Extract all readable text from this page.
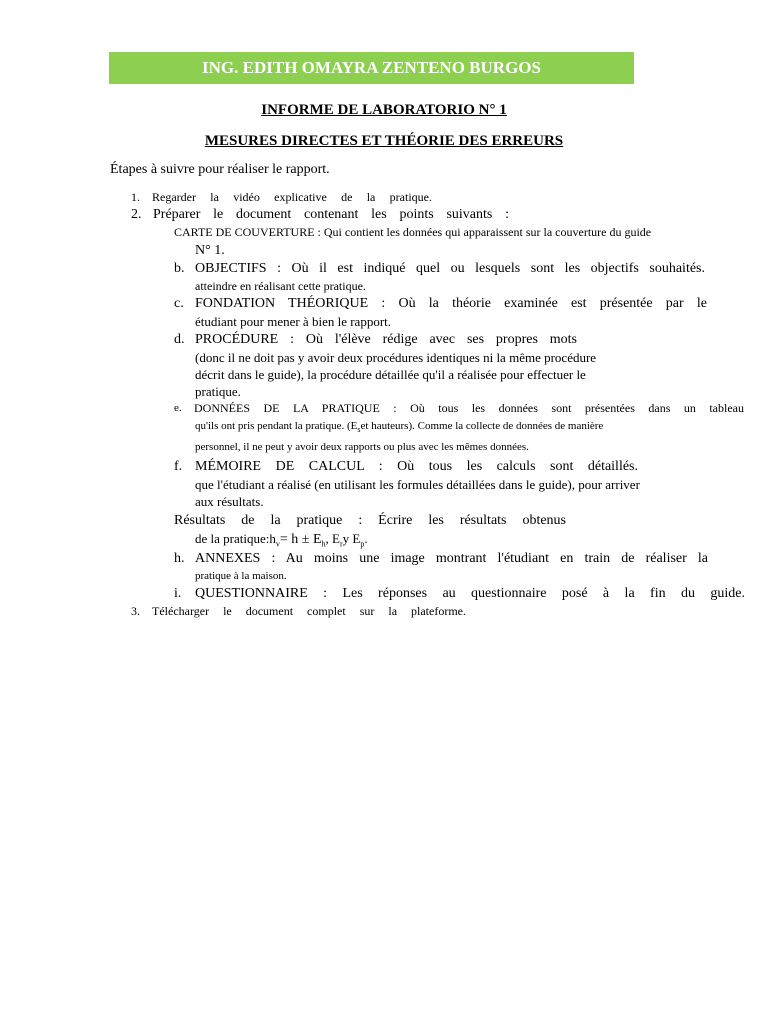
ING. EDITH OMAYRA ZENTENO BURGOS
INFORME DE LABORATORIO N° 1
MESURES DIRECTES ET THÉORIE DES ERREURS
Étapes à suivre pour réaliser le rapport.
1. Regarder la vidéo explicative de la pratique.
2. Préparer le document contenant les points suivants :
CARTE DE COUVERTURE : Qui contient les données qui apparaissent sur la couverture du guide
N° 1.
b. OBJECTIFS : Où il est indiqué quel ou lesquels sont les objectifs souhaités.
atteindre en réalisant cette pratique.
c. FONDATION THÉORIQUE : Où la théorie examinée est présentée par le
étudiant pour mener à bien le rapport.
d. PROCÉDURE : Où l'élève rédige avec ses propres mots
(donc il ne doit pas y avoir deux procédures identiques ni la même procédure
décrit dans le guide), la procédure détaillée qu'il a réalisée pour effectuer le
pratique.
e. DONNÉES DE LA PRATIQUE : Où tous les données sont présentées dans un tableau
qu'ils ont pris pendant la pratique. ($E_set$ hauteurs). Comme la collecte de données de manière
personnel, il ne peut y avoir deux rapports ou plus avec les mêmes données.
f. MÉMOIRE DE CALCUL : Où tous les calculs sont détaillés.
que l'étudiant a réalisé (en utilisant les formules détaillées dans le guide), pour arriver
aux résultats.
Résultats de la pratique : Écrire les résultats obtenus
de la $pratique:h_v= h \pm E_h$, $E_ry$ $E_p$.
h. ANNEXES : Au moins une image montrant l'étudiant en train de réaliser la
pratique à la maison.
i. QUESTIONNAIRE : Les réponses au questionnaire posé à la fin du guide.
3. Télécharger le document complet sur la plateforme.
